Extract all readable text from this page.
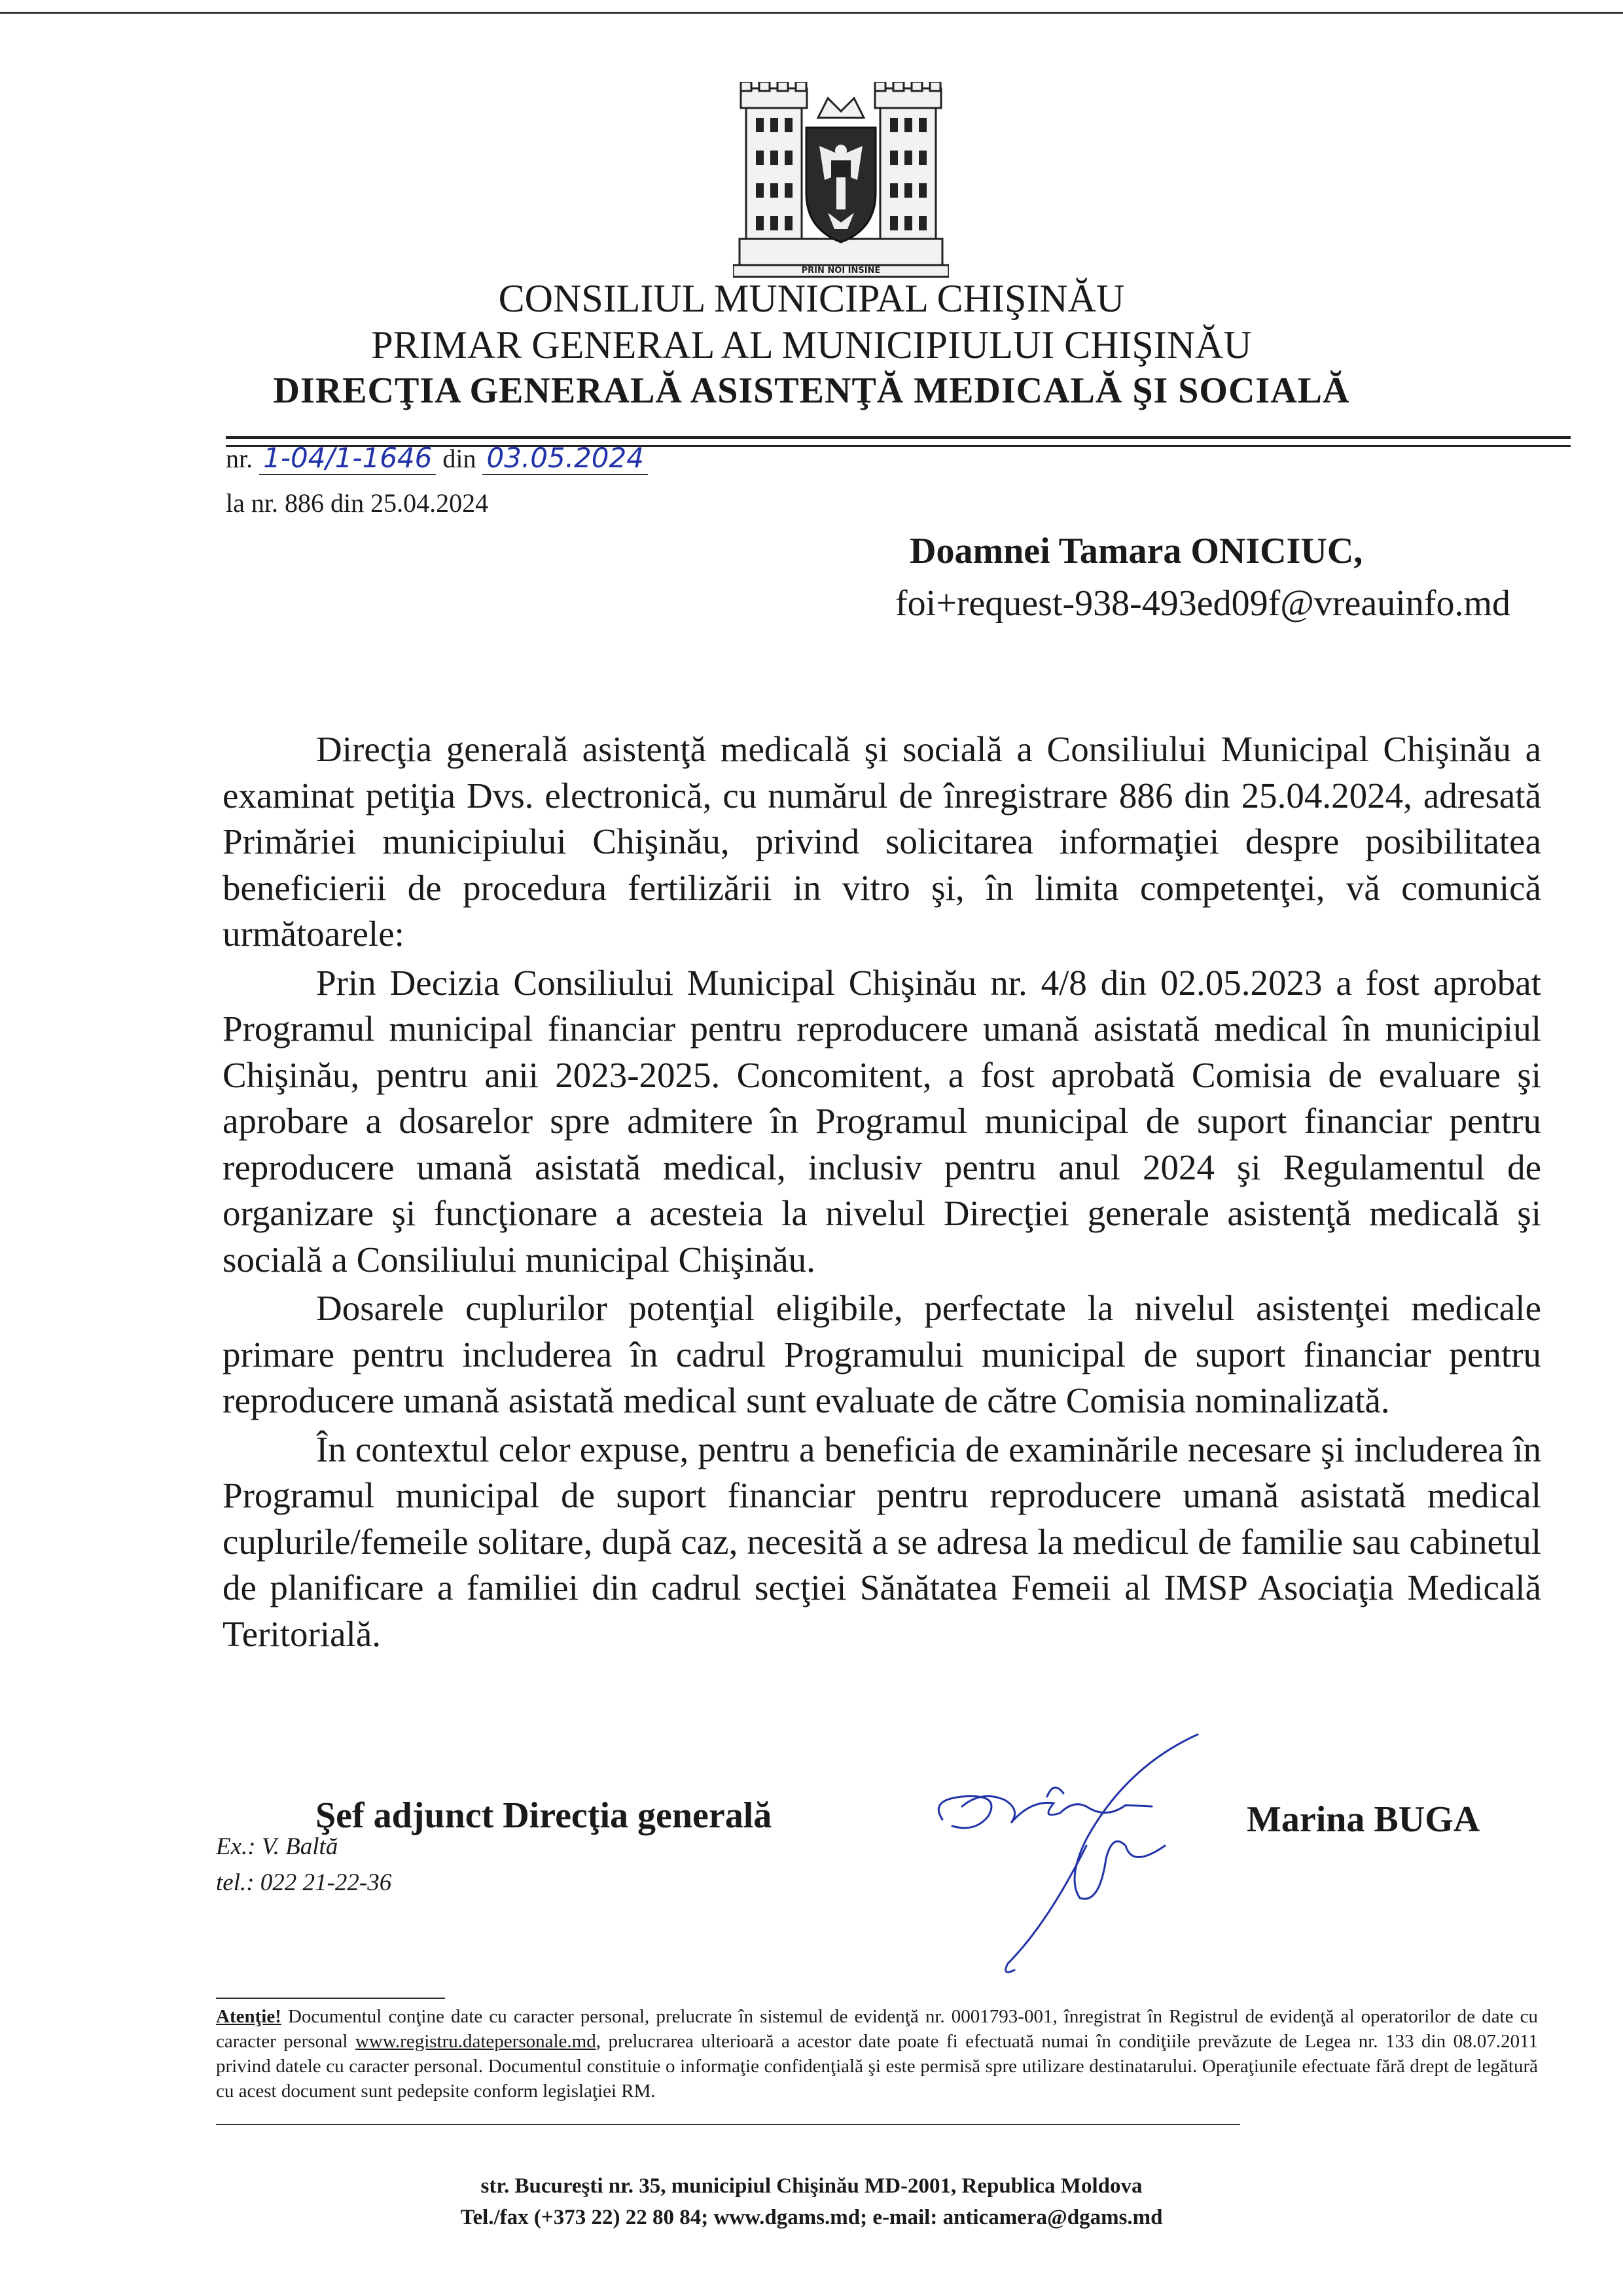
PRIN NOI INSINE
CONSILIUL MUNICIPAL CHIŞINĂU
PRIMAR GENERAL AL MUNICIPIULUI CHIŞINĂU
DIRECŢIA GENERALĂ ASISTENŢĂ MEDICALĂ ŞI SOCIALĂ
nr. 1-04/1-1646 din 03.05.2024
la nr. 886 din 25.04.2024
Doamnei Tamara ONICIUC,
foi+request-938-493ed09f@vreauinfo.md

Direcţia generală asistenţă medicală şi socială a Consiliului Municipal Chişinău a examinat petiţia Dvs. electronică, cu numărul de înregistrare 886 din 25.04.2024, adresată Primăriei municipiului Chişinău, privind solicitarea informaţiei despre posibilitatea beneficierii de procedura fertilizării in vitro şi, în limita competenţei, vă comunică următoarele:

Prin Decizia Consiliului Municipal Chişinău nr. 4/8 din 02.05.2023 a fost aprobat Programul municipal financiar pentru reproducere umană asistată medical în municipiul Chişinău, pentru anii 2023-2025. Concomitent, a fost aprobată Comisia de evaluare şi aprobare a dosarelor spre admitere în Programul municipal de suport financiar pentru reproducere umană asistată medical, inclusiv pentru anul 2024 şi Regulamentul de organizare şi funcţionare a acesteia la nivelul Direcţiei generale asistenţă medicală şi socială a Consiliului municipal Chişinău.

Dosarele cuplurilor potenţial eligibile, perfectate la nivelul asistenţei medicale primare pentru includerea în cadrul Programului municipal de suport financiar pentru reproducere umană asistată medical sunt evaluate de către Comisia nominalizată.

În contextul celor expuse, pentru a beneficia de examinările necesare şi includerea în Programul municipal de suport financiar pentru reproducere umană asistată medical cuplurile/femeile solitare, după caz, necesită a se adresa la medicul de familie sau cabinetul de planificare a familiei din cadrul secţiei Sănătatea Femeii al IMSP Asociaţia Medicală Teritorială.

Şef adjunct Direcţia generală	Marina BUGA
Ex.: V. Baltă
tel.: 022 21-22-36
Atenţie! Documentul conţine date cu caracter personal, prelucrate în sistemul de evidenţă nr. 0001793-001, înregistrat în Registrul de evidenţă al operatorilor de date cu caracter personal www.registru.datepersonale.md, prelucrarea ulterioară a acestor date poate fi efectuată numai în condiţiile prevăzute de Legea nr. 133 din 08.07.2011 privind datele cu caracter personal. Documentul constituie o informaţie confidenţială şi este permisă spre utilizare destinatarului. Operaţiunile efectuate fără drept de legătură cu acest document sunt pedepsite conform legislaţiei RM.
str. Bucureşti nr. 35, municipiul Chişinău MD-2001, Republica Moldova
Tel./fax (+373 22) 22 80 84; www.dgams.md; e-mail: anticamera@dgams.md
